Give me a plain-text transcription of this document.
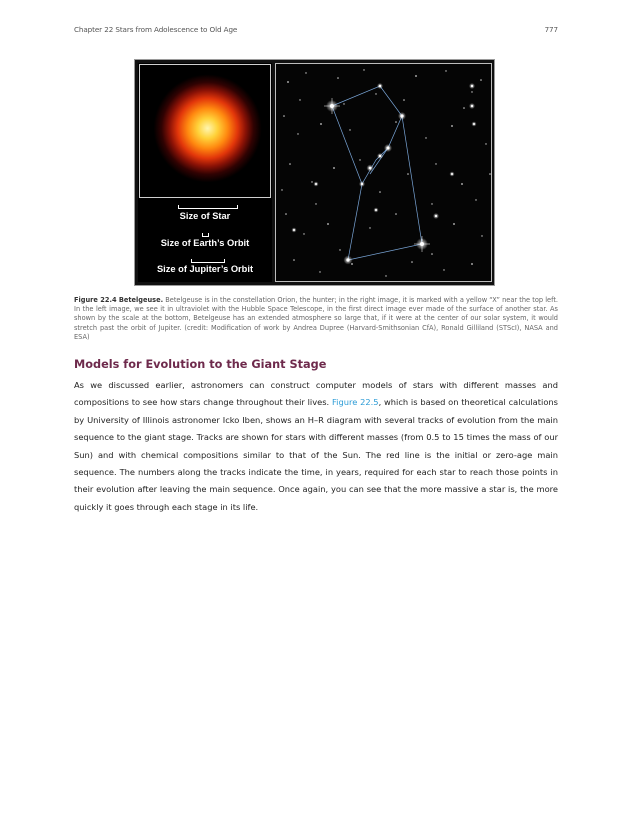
Chapter 22 Stars from Adolescence to Old Age	777
Size of Star
Size of Earth’s Orbit
Size of Jupiter’s Orbit
Figure 22.4 Betelgeuse. Betelgeuse is in the constellation Orion, the hunter; in the right image, it is marked with a yellow “X” near the top left. In the left image, we see it in ultraviolet with the Hubble Space Telescope, in the first direct image ever made of the surface of another star. As shown by the scale at the bottom, Betelgeuse has an extended atmosphere so large that, if it were at the center of our solar system, it would stretch past the orbit of Jupiter. (credit: Modification of work by Andrea Dupree (Harvard-Smithsonian CfA), Ronald Gilliland (STScI), NASA and ESA)
Models for Evolution to the Giant Stage

As we discussed earlier, astronomers can construct computer models of stars with different masses and compositions to see how stars change throughout their lives. Figure 22.5, which is based on theoretical calculations by University of Illinois astronomer Icko Iben, shows an H–R diagram with several tracks of evolution from the main sequence to the giant stage. Tracks are shown for stars with different masses (from 0.5 to 15 times the mass of our Sun) and with chemical compositions similar to that of the Sun. The red line is the initial or zero-age main sequence. The numbers along the tracks indicate the time, in years, required for each star to reach those points in their evolution after leaving the main sequence. Once again, you can see that the more massive a star is, the more quickly it goes through each stage in its life.
